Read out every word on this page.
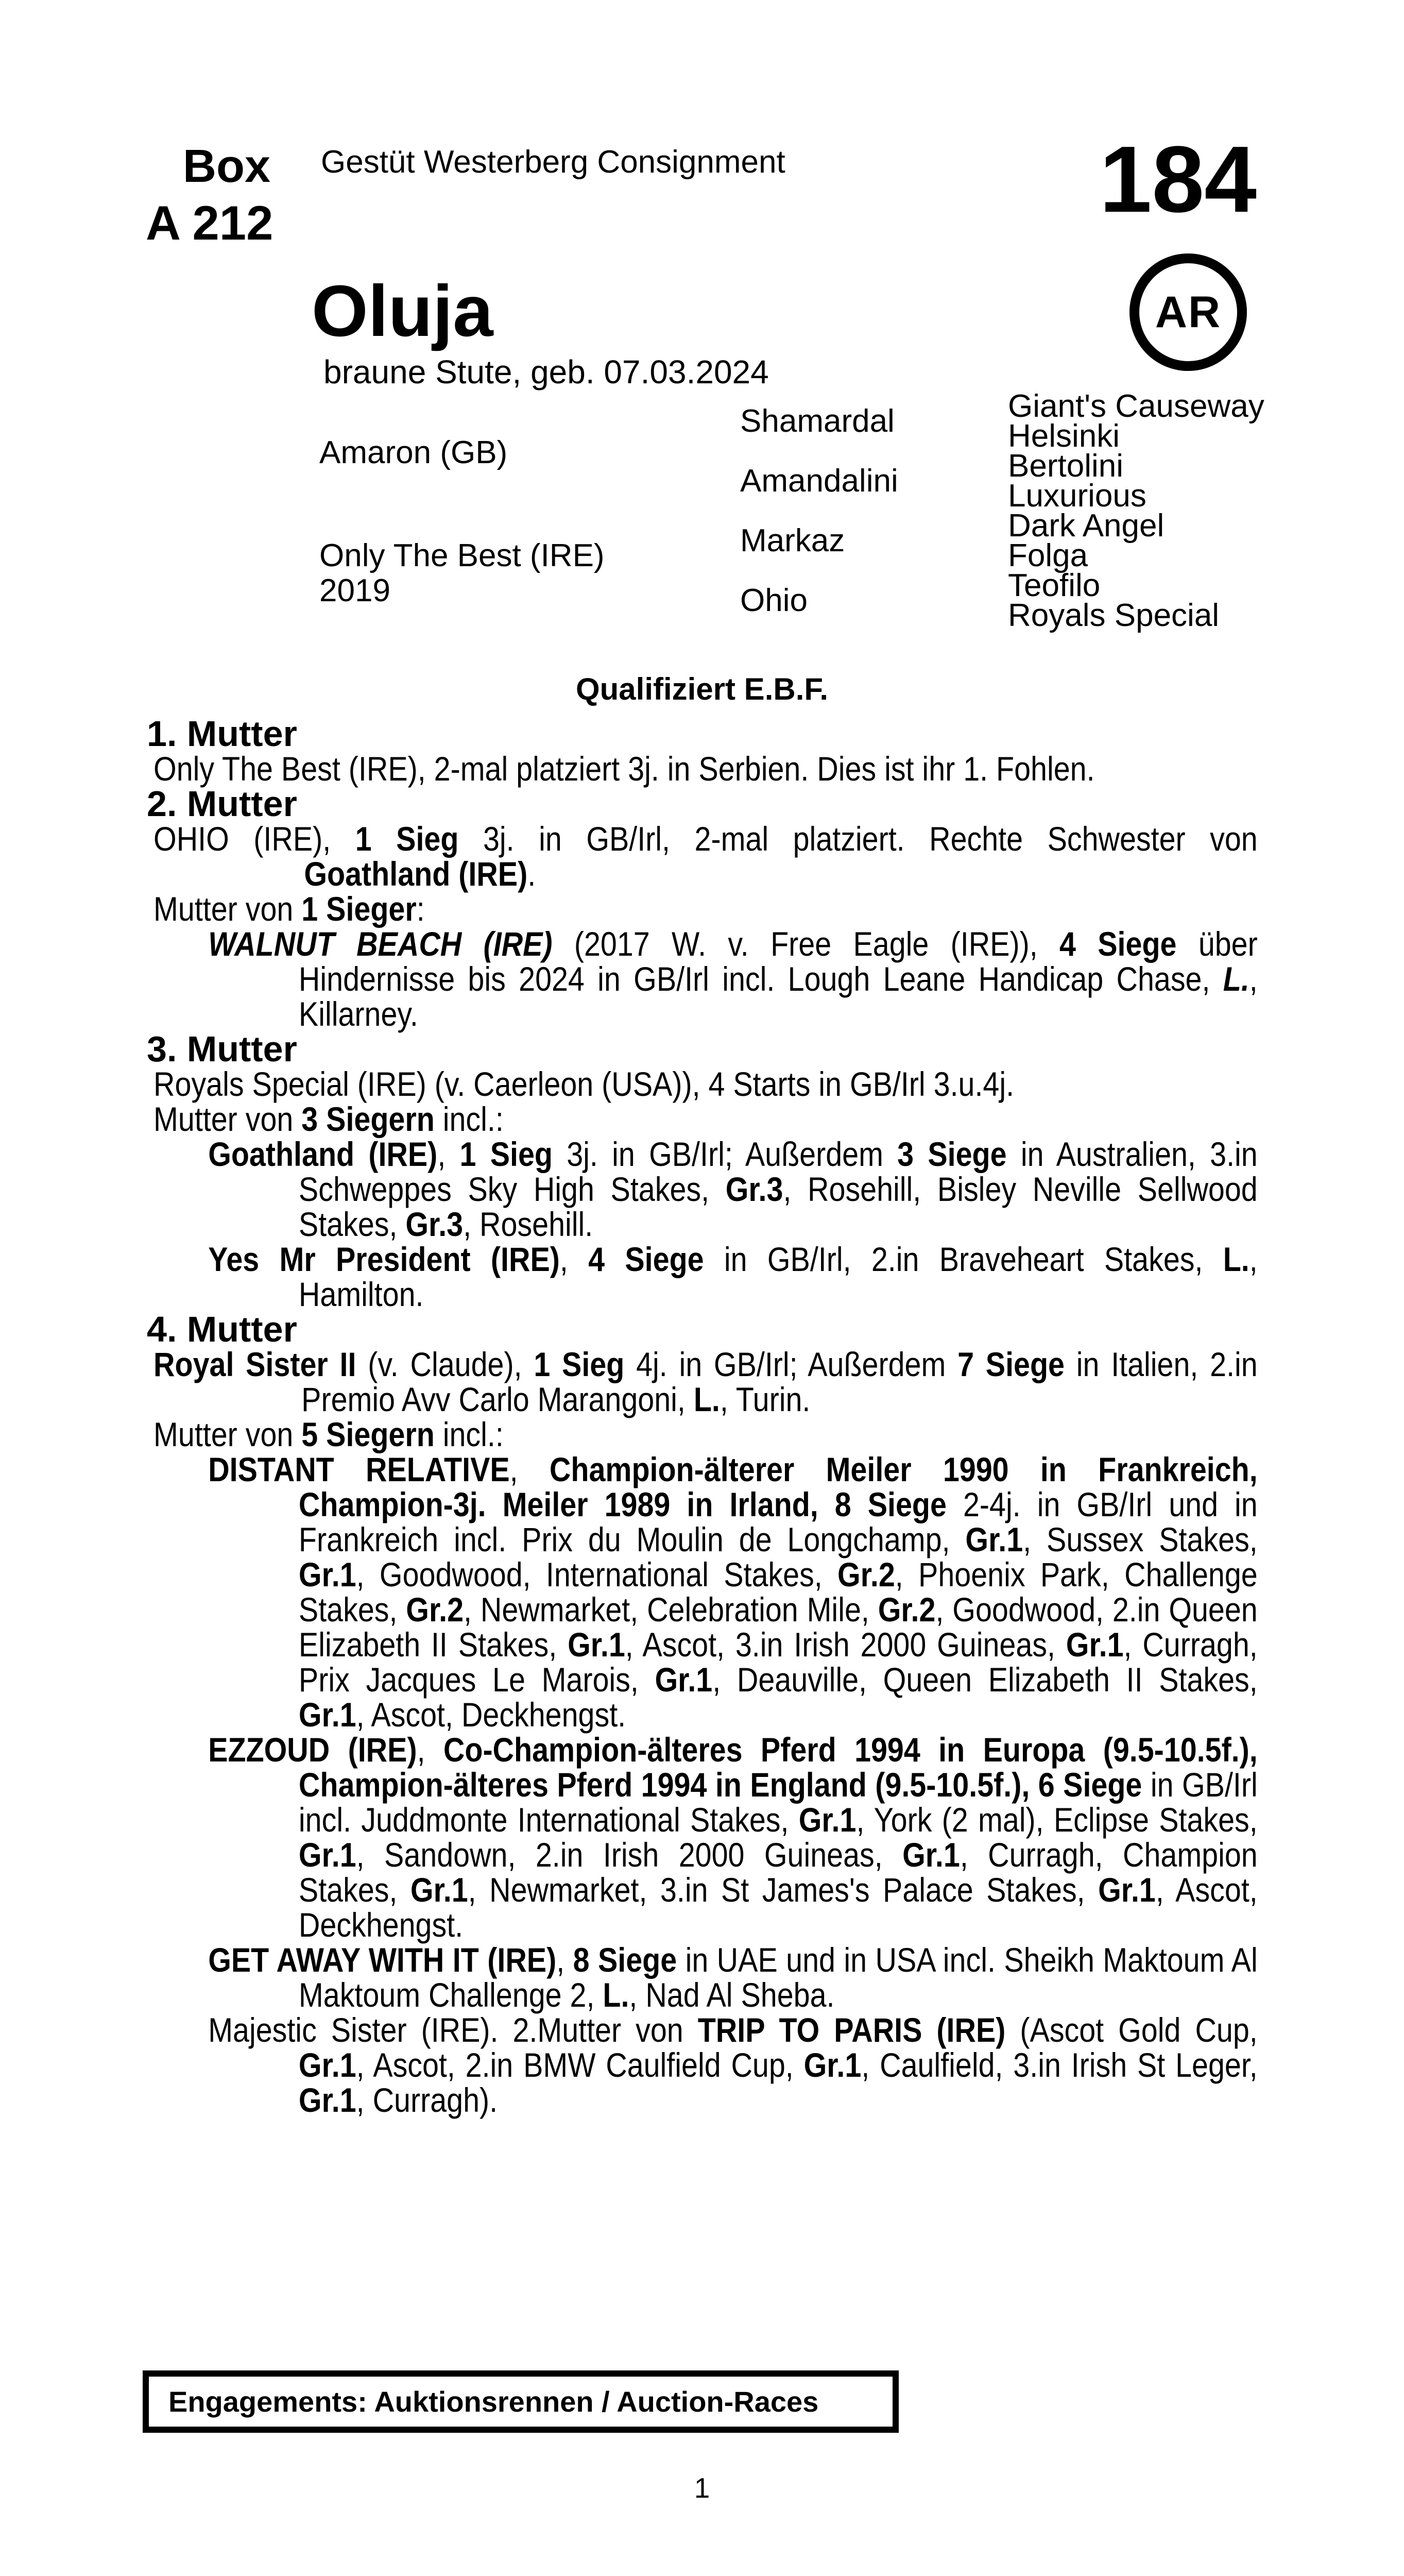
Box
A 212
Gestüt Westerberg Consignment	184
AR
Oluja
braune Stute, geb. 07.03.2024
Amaron (GB)
Only The Best (IRE)
2019
Shamardal
Amandalini
Markaz
Ohio
Giant's Causeway
Helsinki
Bertolini
Luxurious
Dark Angel
Folga
Teofilo
Royals Special
Qualifiziert E.B.F.
1. Mutter

Only The Best (IRE), 2-mal platziert 3j. in Serbien. Dies ist ihr 1. Fohlen.

2. Mutter

OHIO (IRE), 1 Sieg 3j. in GB/Irl, 2-mal platziert. Rechte Schwester von

Goathland (IRE).

Mutter von 1 Sieger:

WALNUT BEACH (IRE) (2017 W. v. Free Eagle (IRE)), 4 Siege über Hindernisse bis 2024 in GB/Irl incl. Lough Leane Handicap Chase, L., Killarney.

3. Mutter

Royals Special (IRE) (v. Caerleon (USA)), 4 Starts in GB/Irl 3.u.4j.

Mutter von 3 Siegern incl.:

Goathland (IRE), 1 Sieg 3j. in GB/Irl; Außerdem 3 Siege in Australien, 3.in Schweppes Sky High Stakes, Gr.3, Rosehill, Bisley Neville Sellwood Stakes, Gr.3, Rosehill.

Yes Mr President (IRE), 4 Siege in GB/Irl, 2.in Braveheart Stakes, L., Hamilton.

4. Mutter

Royal Sister II (v. Claude), 1 Sieg 4j. in GB/Irl; Außerdem 7 Siege in Italien, 2.in Premio Avv Carlo Marangoni, L., Turin.

Mutter von 5 Siegern incl.:

DISTANT RELATIVE, Champion-älterer Meiler 1990 in Frankreich, Champion-3j. Meiler 1989 in Irland, 8 Siege 2-4j. in GB/Irl und in Frankreich incl. Prix du Moulin de Longchamp, Gr.1, Sussex Stakes, Gr.1, Goodwood, International Stakes, Gr.2, Phoenix Park, Challenge Stakes, Gr.2, Newmarket, Celebration Mile, Gr.2, Goodwood, 2.in Queen Elizabeth II Stakes, Gr.1, Ascot, 3.in Irish 2000 Guineas, Gr.1, Curragh, Prix Jacques Le Marois, Gr.1, Deauville, Queen Elizabeth II Stakes, Gr.1, Ascot, Deckhengst.

EZZOUD (IRE), Co-Champion-älteres Pferd 1994 in Europa (9.5-10.5f.), Champion-älteres Pferd 1994 in England (9.5-10.5f.), 6 Siege in GB/Irl incl. Juddmonte International Stakes, Gr.1, York (2 mal), Eclipse Stakes, Gr.1, Sandown, 2.in Irish 2000 Guineas, Gr.1, Curragh, Champion Stakes, Gr.1, Newmarket, 3.in St James's Palace Stakes, Gr.1, Ascot, Deckhengst.

GET AWAY WITH IT (IRE), 8 Siege in UAE und in USA incl. Sheikh Maktoum Al Maktoum Challenge 2, L., Nad Al Sheba.

Majestic Sister (IRE). 2.Mutter von TRIP TO PARIS (IRE) (Ascot Gold Cup, Gr.1, Ascot, 2.in BMW Caulfield Cup, Gr.1, Caulfield, 3.in Irish St Leger, Gr.1, Curragh).

Engagements: Auktionsrennen / Auction-Races
1
